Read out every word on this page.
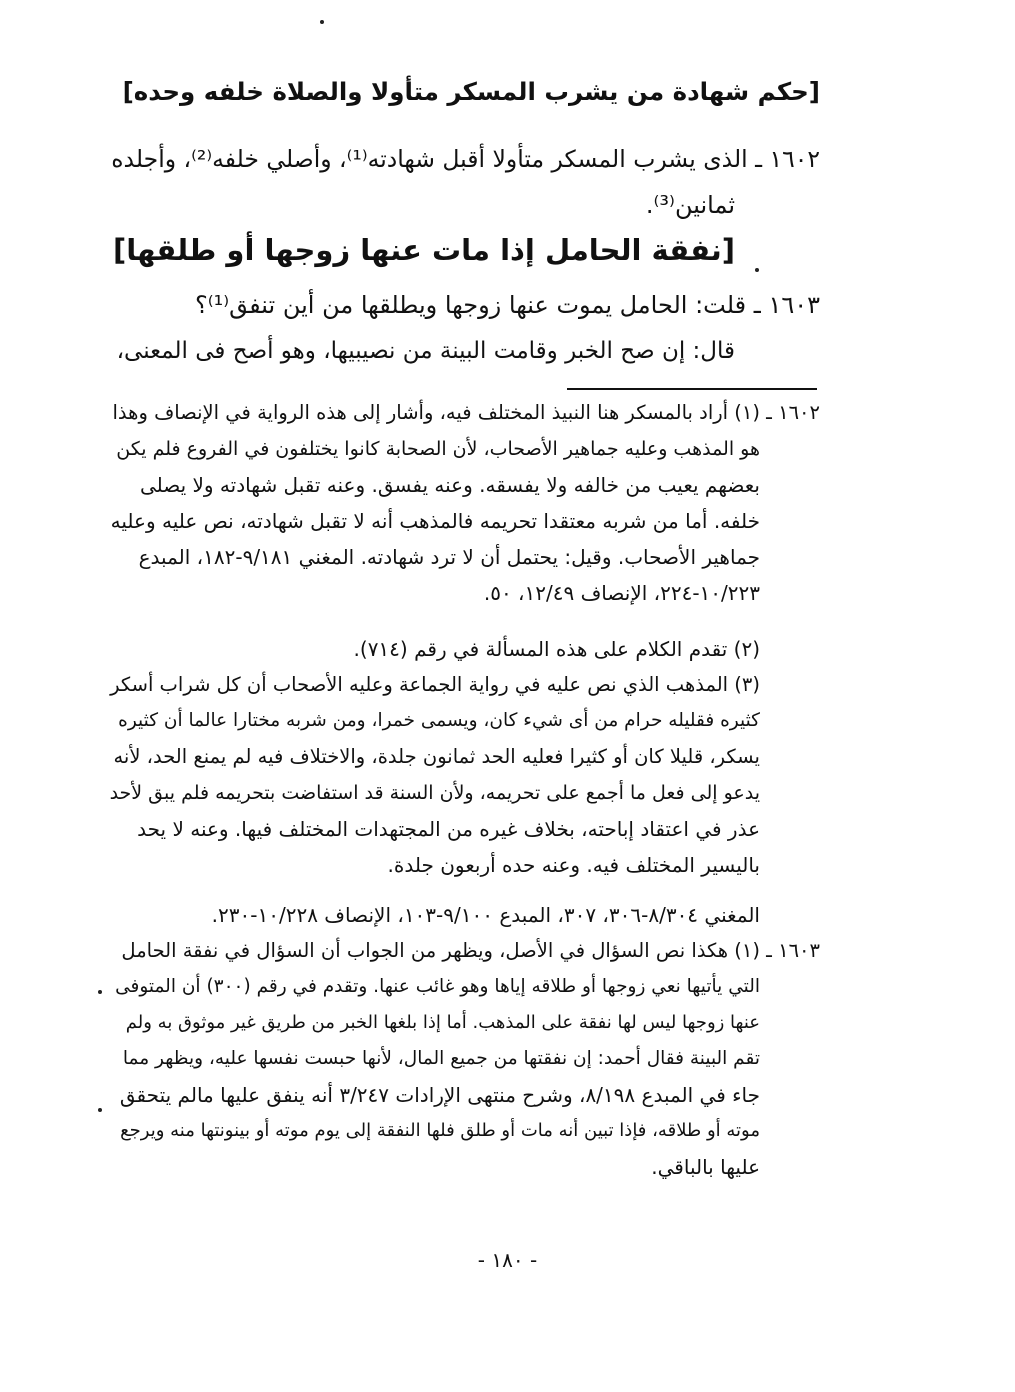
[حكم شهادة من يشرب المسكر متأولا والصلاة خلفه وحده]
١٦٠٢ ـ الذى يشرب المسكر متأولا أقبل شهادته⁽¹⁾، وأصلي خلفه⁽²⁾، وأجلده
ثمانين⁽³⁾.
[نفقة الحامل إذا مات عنها زوجها أو طلقها]
١٦٠٣ ـ قلت: الحامل يموت عنها زوجها ويطلقها من أين تنفق⁽¹⁾؟
قال: إن صح الخبر وقامت البينة من نصيبيها، وهو أصح فى المعنى،
١٦٠٢ ـ (١) أراد بالمسكر هنا النبيذ المختلف فيه، وأشار إلى هذه الرواية في الإنصاف وهذا
هو المذهب وعليه جماهير الأصحاب، لأن الصحابة كانوا يختلفون في الفروع فلم يكن
بعضهم يعيب من خالفه ولا يفسقه. وعنه يفسق. وعنه تقبل شهادته ولا يصلى
خلفه. أما من شربه معتقدا تحريمه فالمذهب أنه لا تقبل شهادته، نص عليه وعليه
جماهير الأصحاب. وقيل: يحتمل أن لا ترد شهادته. المغني ٩/١٨١-١٨٢، المبدع
١٠/٢٢٣-٢٢٤، الإنصاف ١٢/٤٩، ٥٠.
(٢) تقدم الكلام على هذه المسألة في رقم (٧١٤).
(٣) المذهب الذي نص عليه في رواية الجماعة وعليه الأصحاب أن كل شراب أسكر
كثيره فقليله حرام من أى شيء كان، ويسمى خمرا، ومن شربه مختارا عالما أن كثيره
يسكر، قليلا كان أو كثيرا فعليه الحد ثمانون جلدة، والاختلاف فيه لم يمنع الحد، لأنه
يدعو إلى فعل ما أجمع على تحريمه، ولأن السنة قد استفاضت بتحريمه فلم يبق لأحد
عذر في اعتقاد إباحته، بخلاف غيره من المجتهدات المختلف فيها. وعنه لا يحد
باليسير المختلف فيه. وعنه حده أربعون جلدة.
المغني ٨/٣٠٤-٣٠٦، ٣٠٧، المبدع ٩/١٠٠-١٠٣، الإنصاف ١٠/٢٢٨-٢٣٠.
١٦٠٣ ـ (١) هكذا نص السؤال في الأصل، ويظهر من الجواب أن السؤال في نفقة الحامل
التي يأتيها نعي زوجها أو طلاقه إياها وهو غائب عنها. وتقدم في رقم (٣٠٠) أن المتوفى
عنها زوجها ليس لها نفقة على المذهب. أما إذا بلغها الخبر من طريق غير موثوق به ولم
تقم البينة فقال أحمد: إن نفقتها من جميع المال، لأنها حبست نفسها عليه، ويظهر مما
جاء في المبدع ٨/١٩٨، وشرح منتهى الإرادات ٣/٢٤٧ أنه ينفق عليها مالم يتحقق
موته أو طلاقه، فإذا تبين أنه مات أو طلق فلها النفقة إلى يوم موته أو بينونتها منه ويرجع
عليها بالباقي.
- ١٨٠ -
